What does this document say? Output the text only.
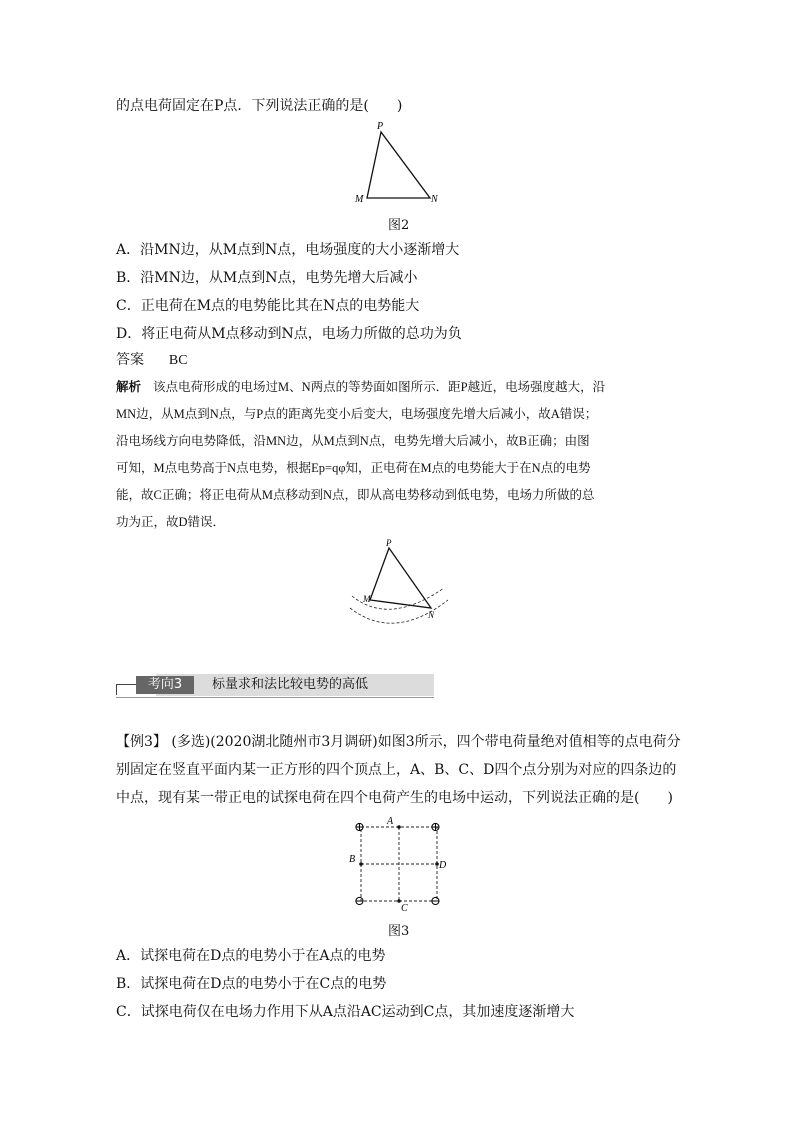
的点电荷固定在P点．下列说法正确的是(　　)
P
M	N
图2
A．沿MN边，从M点到N点，电场强度的大小逐渐增大
B．沿MN边，从M点到N点，电势先增大后减小
C．正电荷在M点的电势能比其在N点的电势能大
D．将正电荷从M点移动到N点，电场力所做的总功为负
答案 BC
解析 该点电荷形成的电场过M、N两点的等势面如图所示．距P越近，电场强度越大，沿
MN边，从M点到N点，与P点的距离先变小后变大，电场强度先增大后减小，故A错误；
沿电场线方向电势降低，沿MN边，从M点到N点，电势先增大后减小，故B正确；由图
可知，M点电势高于N点电势，根据Ep=qφ知，正电荷在M点的电势能大于在N点的电势
能，故C正确；将正电荷从M点移动到N点，即从高电势移动到低电势，电场力所做的总
功为正，故D错误．
P
M
N
考向3	标量求和法比较电势的高低
【例3】 (多选)(2020湖北随州市3月调研)如图3所示，四个带电荷量绝对值相等的点电荷分
别固定在竖直平面内某一正方形的四个顶点上，A、B、C、D四个点分别为对应的四条边的
中点，现有某一带正电的试探电荷在四个电荷产生的电场中运动，下列说法正确的是(　　)
⊕	⊕
⊖	⊖
A
B
C
D
图3
A．试探电荷在D点的电势小于在A点的电势
B．试探电荷在D点的电势小于在C点的电势
C．试探电荷仅在电场力作用下从A点沿AC运动到C点，其加速度逐渐增大
